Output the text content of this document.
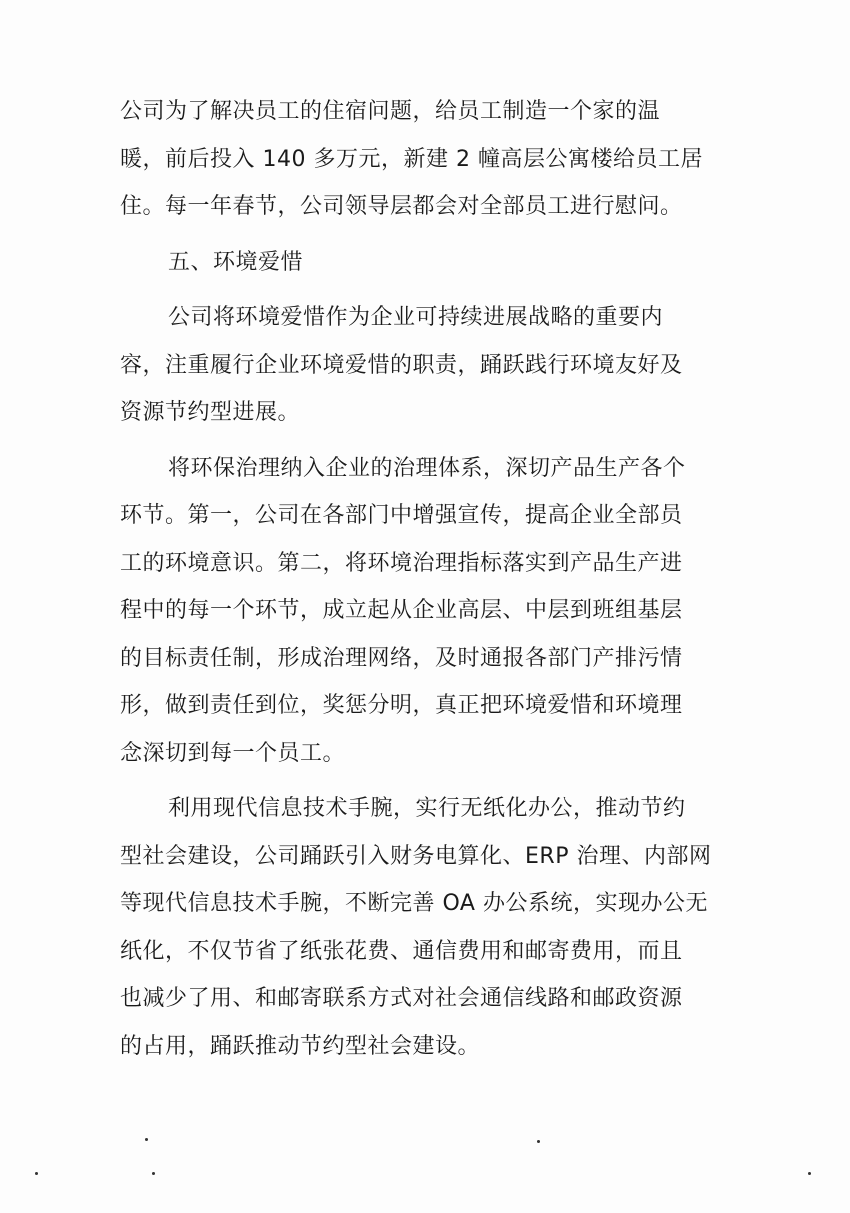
公司为了解决员工的住宿问题，给员工制造一个家的温
暖，前后投入 140 多万元，新建 2 幢高层公寓楼给员工居
住。每一年春节，公司领导层都会对全部员工进行慰问。
五、环境爱惜
公司将环境爱惜作为企业可持续进展战略的重要内
容，注重履行企业环境爱惜的职责，踊跃践行环境友好及
资源节约型进展。
将环保治理纳入企业的治理体系，深切产品生产各个
环节。第一，公司在各部门中增强宣传，提高企业全部员
工的环境意识。第二，将环境治理指标落实到产品生产进
程中的每一个环节，成立起从企业高层、中层到班组基层
的目标责任制，形成治理网络，及时通报各部门产排污情
形，做到责任到位，奖惩分明，真正把环境爱惜和环境理
念深切到每一个员工。
利用现代信息技术手腕，实行无纸化办公，推动节约
型社会建设，公司踊跃引入财务电算化、ERP 治理、内部网
等现代信息技术手腕，不断完善 OA 办公系统，实现办公无
纸化，不仅节省了纸张花费、通信费用和邮寄费用，而且
也减少了用、和邮寄联系方式对社会通信线路和邮政资源
的占用，踊跃推动节约型社会建设。
